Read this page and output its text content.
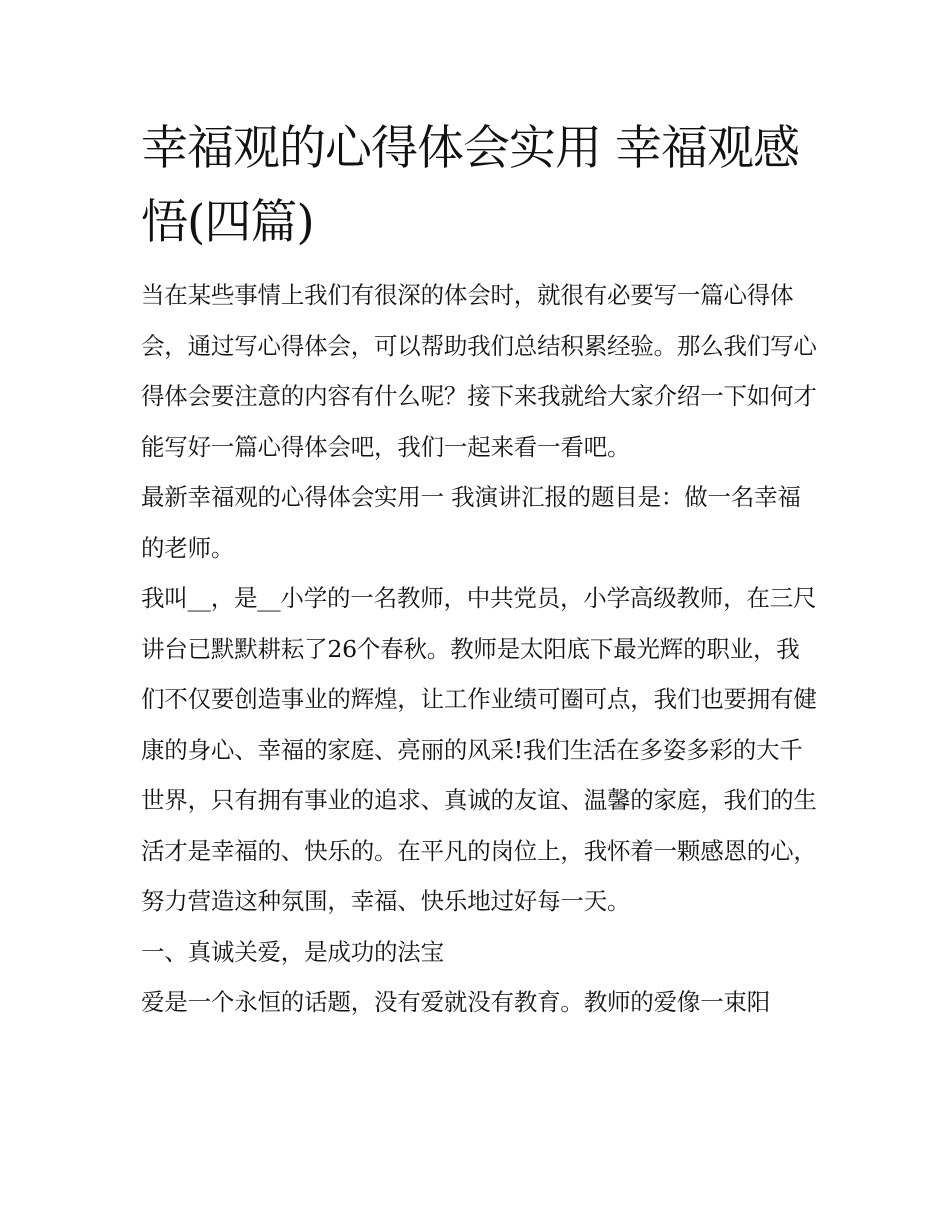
幸福观的心得体会实用 幸福观感悟(四篇)

当在某些事情上我们有很深的体会时，就很有必要写一篇心得体会，通过写心得体会，可以帮助我们总结积累经验。那么我们写心得体会要注意的内容有什么呢？接下来我就给大家介绍一下如何才能写好一篇心得体会吧，我们一起来看一看吧。

最新幸福观的心得体会实用一 我演讲汇报的题目是：做一名幸福的老师。

我叫__，是__小学的一名教师，中共党员，小学高级教师，在三尺讲台已默默耕耘了26个春秋。教师是太阳底下最光辉的职业，我们不仅要创造事业的辉煌，让工作业绩可圈可点，我们也要拥有健康的身心、幸福的家庭、亮丽的风采!我们生活在多姿多彩的大千世界，只有拥有事业的追求、真诚的友谊、温馨的家庭，我们的生活才是幸福的、快乐的。在平凡的岗位上，我怀着一颗感恩的心，努力营造这种氛围，幸福、快乐地过好每一天。

一、真诚关爱，是成功的法宝

爱是一个永恒的话题，没有爱就没有教育。教师的爱像一束阳
